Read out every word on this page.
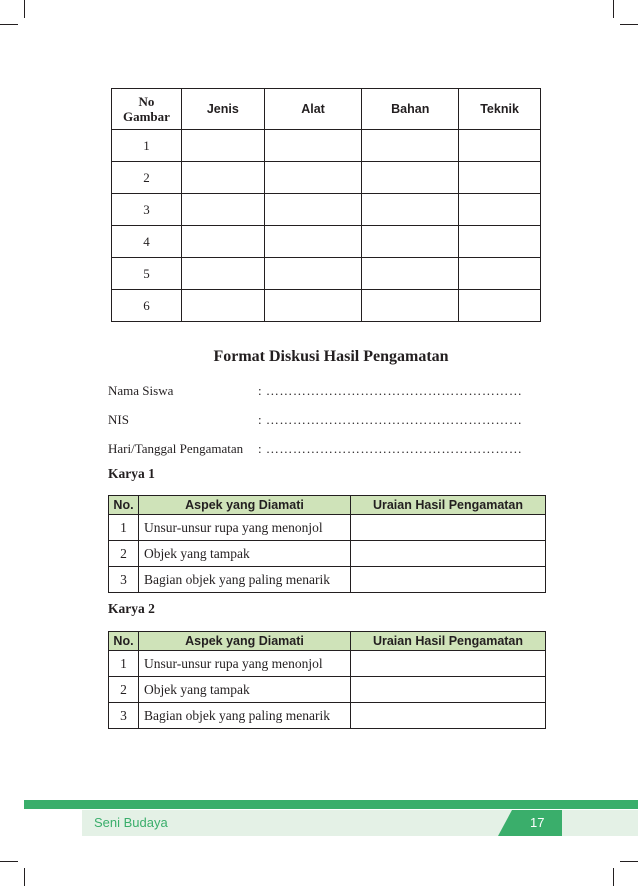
No
Gambar	Jenis	Alat	Bahan	Teknik
1				
2				
3				
4				
5				
6				
Format Diskusi Hasil Pengamatan
Nama Siswa	: …………………………………………………
NIS	: …………………………………………………
Hari/Tanggal Pengamatan : …………………………………………………
Karya 1
No.	Aspek yang Diamati	Uraian Hasil Pengamatan
1	Unsur-unsur rupa yang menonjol	
2	Objek yang tampak	
3	Bagian objek yang paling menarik	
Karya 2
No.	Aspek yang Diamati	Uraian Hasil Pengamatan
1	Unsur-unsur rupa yang menonjol	
2	Objek yang tampak	
3	Bagian objek yang paling menarik	
Seni Budaya	17
